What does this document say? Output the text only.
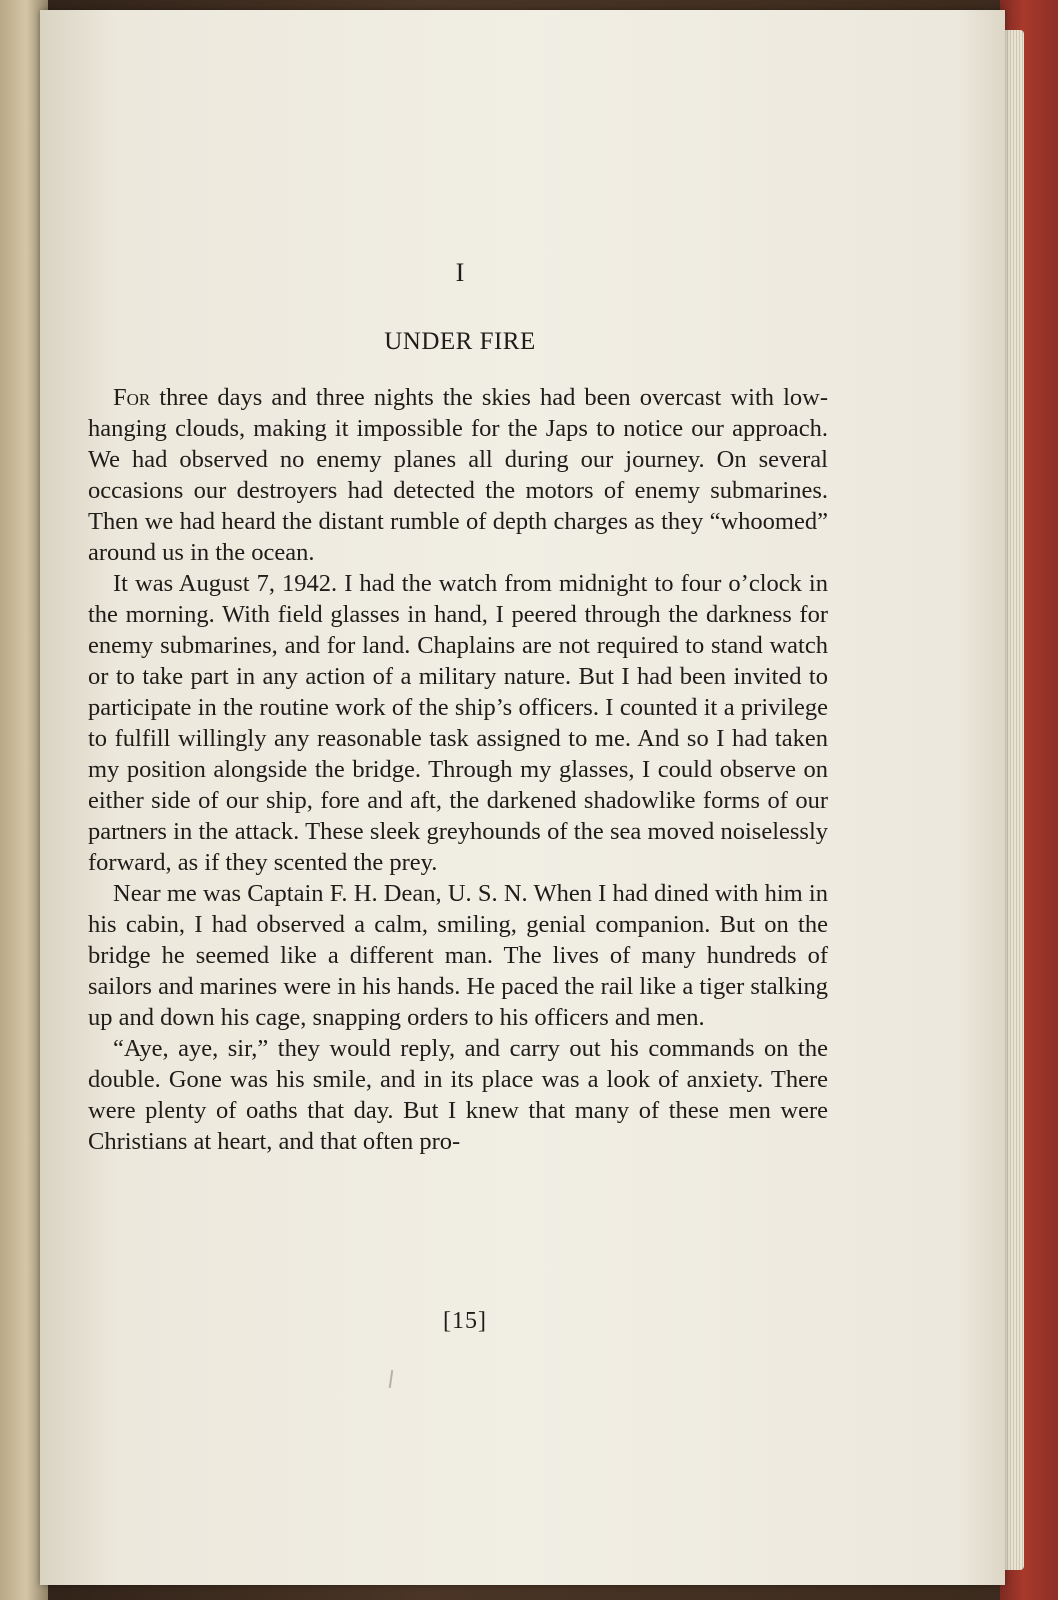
I
UNDER FIRE

For three days and three nights the skies had been overcast with low-hanging clouds, making it impossible for the Japs to notice our approach. We had observed no enemy planes all during our journey. On several occasions our destroyers had detected the motors of enemy submarines. Then we had heard the distant rumble of depth charges as they “whoomed” around us in the ocean.

It was August 7, 1942. I had the watch from midnight to four o’clock in the morning. With field glasses in hand, I peered through the darkness for enemy submarines, and for land. Chaplains are not required to stand watch or to take part in any action of a military nature. But I had been invited to participate in the routine work of the ship’s officers. I counted it a privilege to fulfill willingly any reasonable task assigned to me. And so I had taken my position alongside the bridge. Through my glasses, I could observe on either side of our ship, fore and aft, the darkened shadowlike forms of our partners in the attack. These sleek greyhounds of the sea moved noiselessly forward, as if they scented the prey.

Near me was Captain F. H. Dean, U. S. N. When I had dined with him in his cabin, I had observed a calm, smiling, genial companion. But on the bridge he seemed like a different man. The lives of many hundreds of sailors and marines were in his hands. He paced the rail like a tiger stalking up and down his cage, snapping orders to his officers and men.

“Aye, aye, sir,” they would reply, and carry out his commands on the double. Gone was his smile, and in its place was a look of anxiety. There were plenty of oaths that day. But I knew that many of these men were Christians at heart, and that often pro-

[15]
